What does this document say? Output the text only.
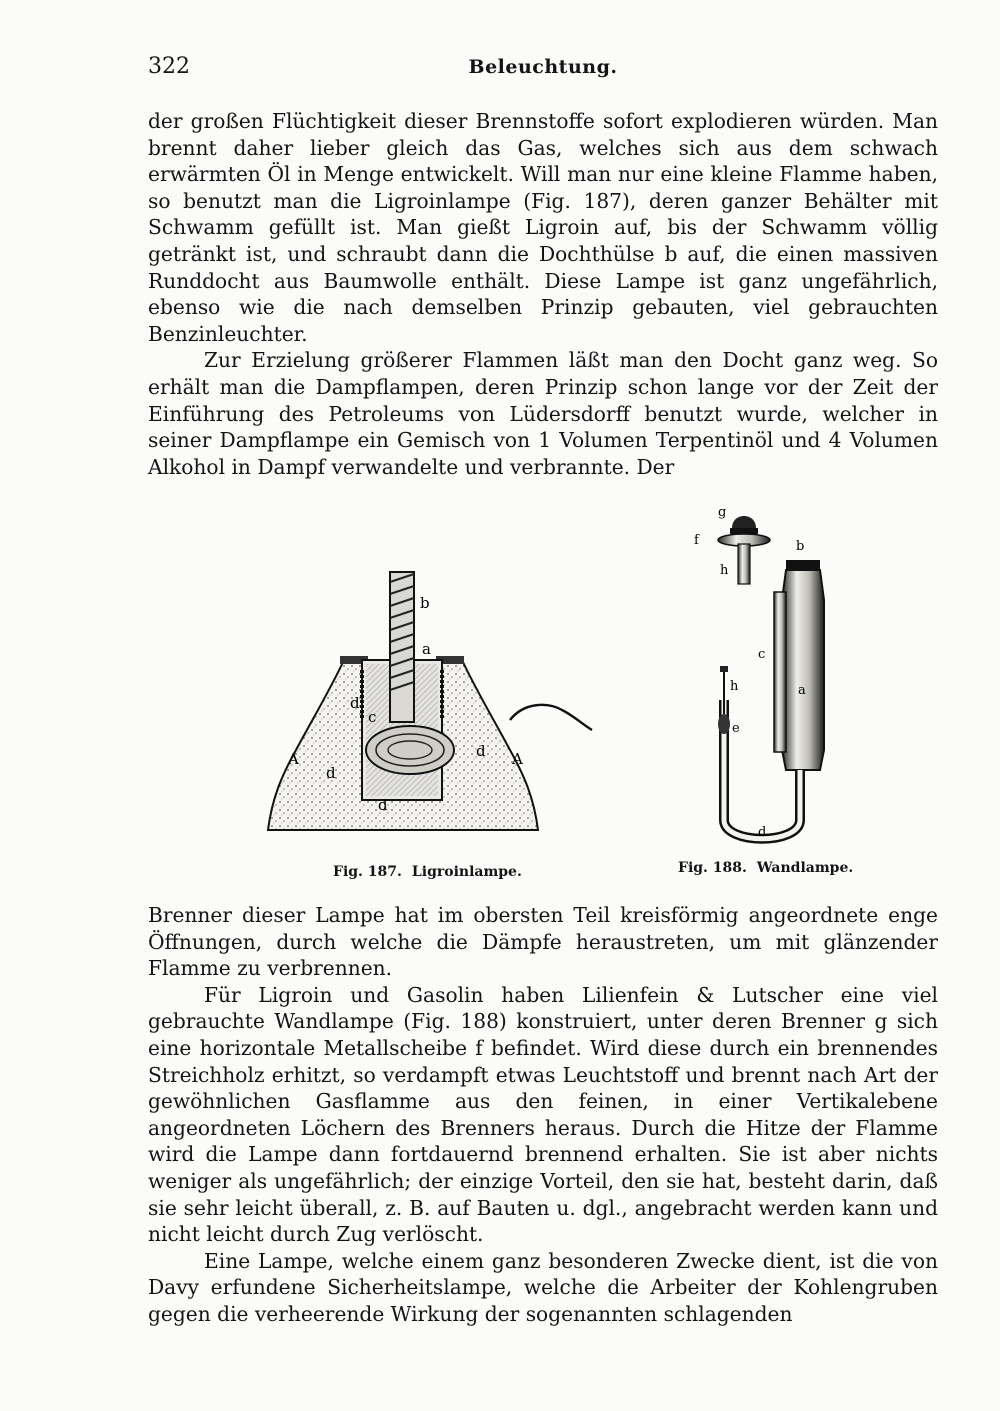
322	Beleuchtung.

der großen Flüchtigkeit dieser Brennstoffe sofort explodieren würden. Man brennt daher lieber gleich das Gas, welches sich aus dem schwach erwärmten Öl in Menge entwickelt. Will man nur eine kleine Flamme haben, so benutzt man die Ligroinlampe (Fig. 187), deren ganzer Behälter mit Schwamm gefüllt ist. Man gießt Ligroin auf, bis der Schwamm völlig getränkt ist, und schraubt dann die Dochthülse b auf, die einen massiven Runddocht aus Baumwolle enthält. Diese Lampe ist ganz ungefährlich, ebenso wie die nach demselben Prinzip gebauten, viel gebrauchten Benzinleuchter.

Zur Erzielung größerer Flammen läßt man den Docht ganz weg. So erhält man die Dampflampen, deren Prinzip schon lange vor der Zeit der Einführung des Petroleums von Lüdersdorff benutzt wurde, welcher in seiner Dampflampe ein Gemisch von 1 Volumen Terpentinöl und 4 Volumen Alkohol in Dampf verwandelte und verbrannte. Der

b
a
c
d
d
d
d
A	A
Fig. 187. Ligroinlampe.
g
f
h
b
c
a
h
e
d
Fig. 188. Wandlampe.

Brenner dieser Lampe hat im obersten Teil kreisförmig angeordnete enge Öffnungen, durch welche die Dämpfe heraustreten, um mit glänzender Flamme zu verbrennen.

Für Ligroin und Gasolin haben Lilienfein & Lutscher eine viel gebrauchte Wandlampe (Fig. 188) konstruiert, unter deren Brenner g sich eine horizontale Metallscheibe f befindet. Wird diese durch ein brennendes Streichholz erhitzt, so verdampft etwas Leuchtstoff und brennt nach Art der gewöhnlichen Gasflamme aus den feinen, in einer Vertikalebene angeordneten Löchern des Brenners heraus. Durch die Hitze der Flamme wird die Lampe dann fortdauernd brennend erhalten. Sie ist aber nichts weniger als ungefährlich; der einzige Vorteil, den sie hat, besteht darin, daß sie sehr leicht überall, z. B. auf Bauten u. dgl., angebracht werden kann und nicht leicht durch Zug verlöscht.

Eine Lampe, welche einem ganz besonderen Zwecke dient, ist die von Davy erfundene Sicherheitslampe, welche die Arbeiter der Kohlengruben gegen die verheerende Wirkung der sogenannten schlagenden
